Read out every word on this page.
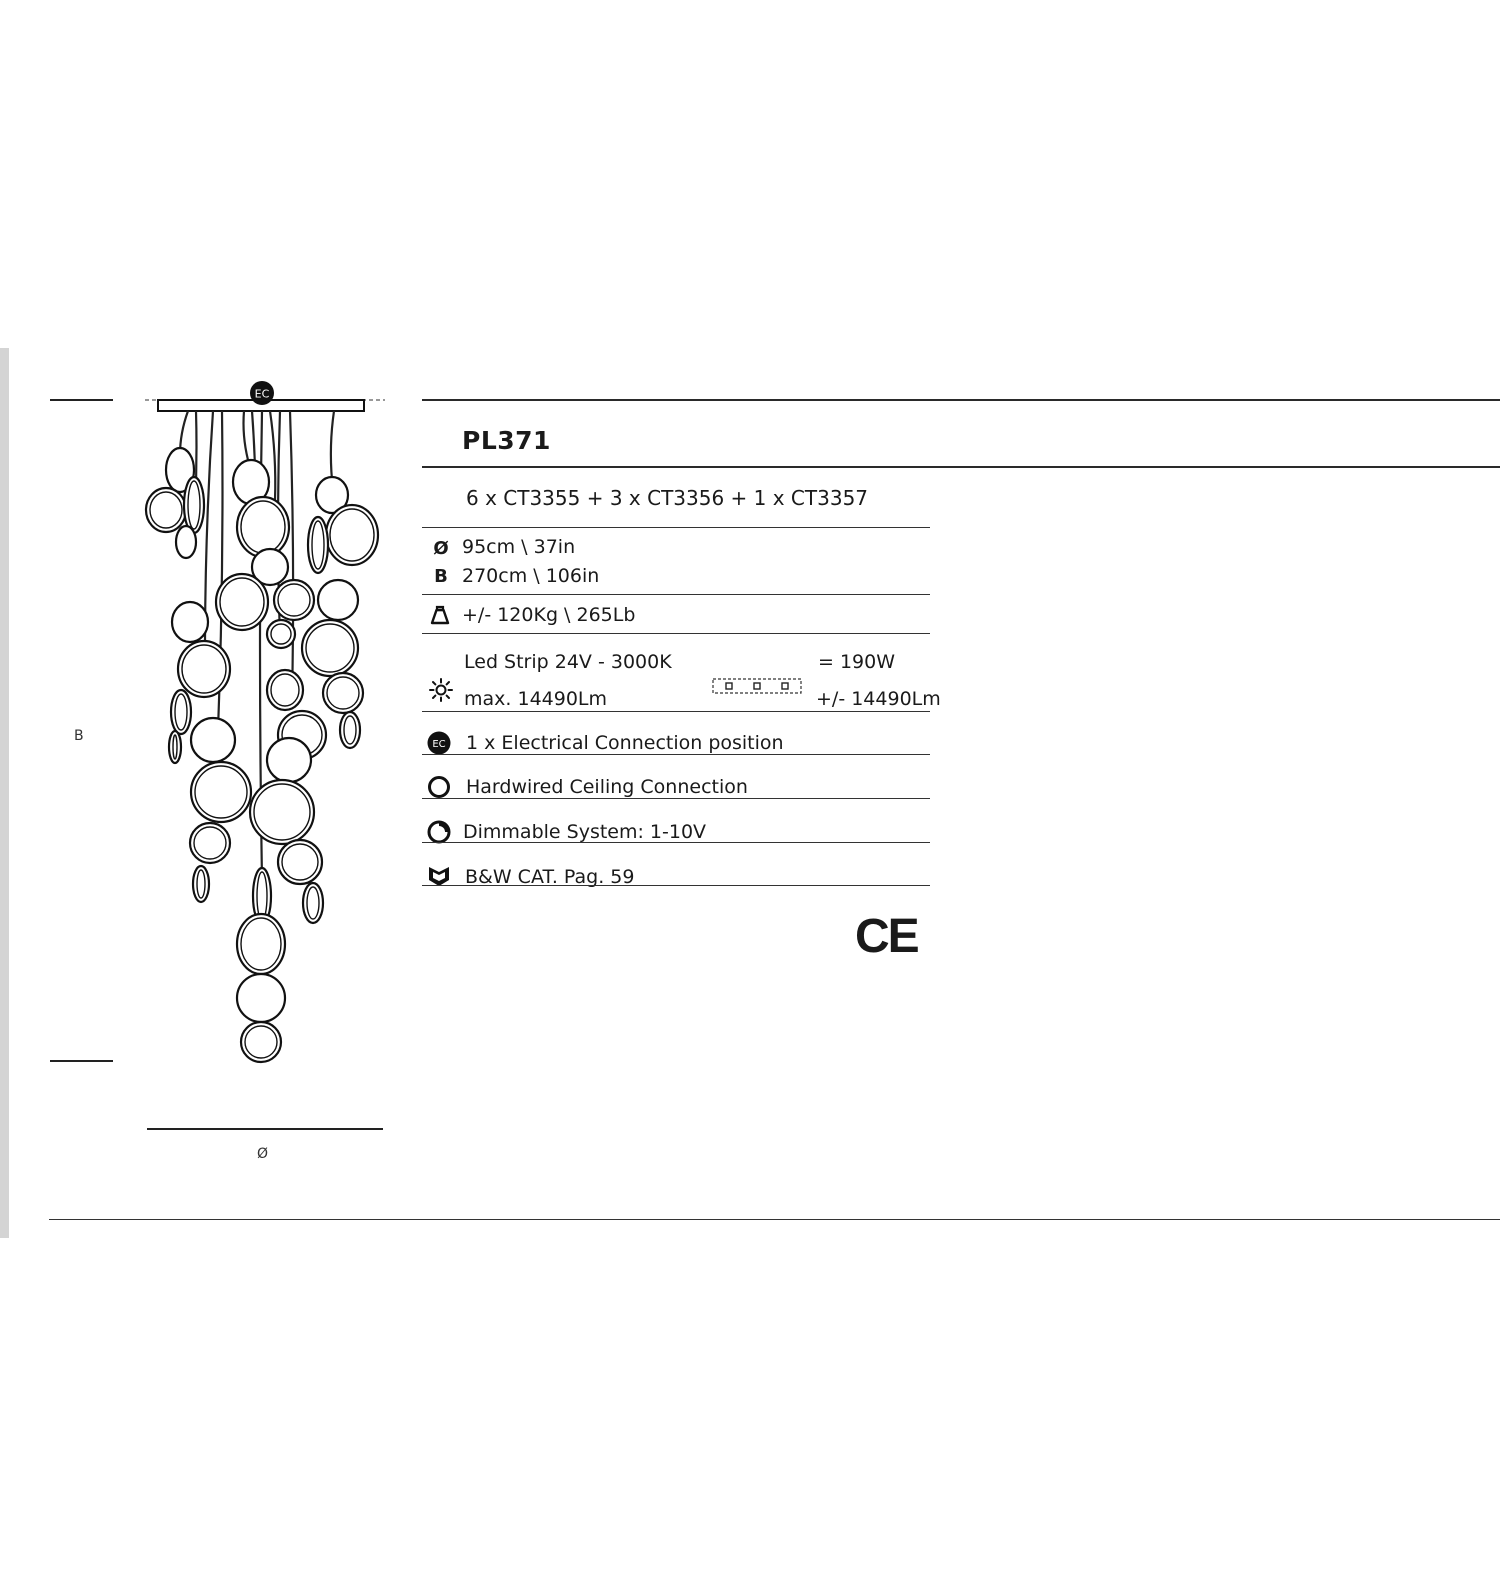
EC
B
Ø
PL371
6 x CT3355 + 3 x CT3356 + 1 x CT3357
Ø 95cm \ 37in
B 270cm \ 106in
+/- 120Kg \ 265Lb
Led Strip 24V - 3000K
max. 14490Lm
= 190W
+/- 14490Lm
EC 1 x Electrical Connection position
Hardwired Ceiling Connection
Dimmable System: 1-10V
B&W CAT. Pag. 59
CE
